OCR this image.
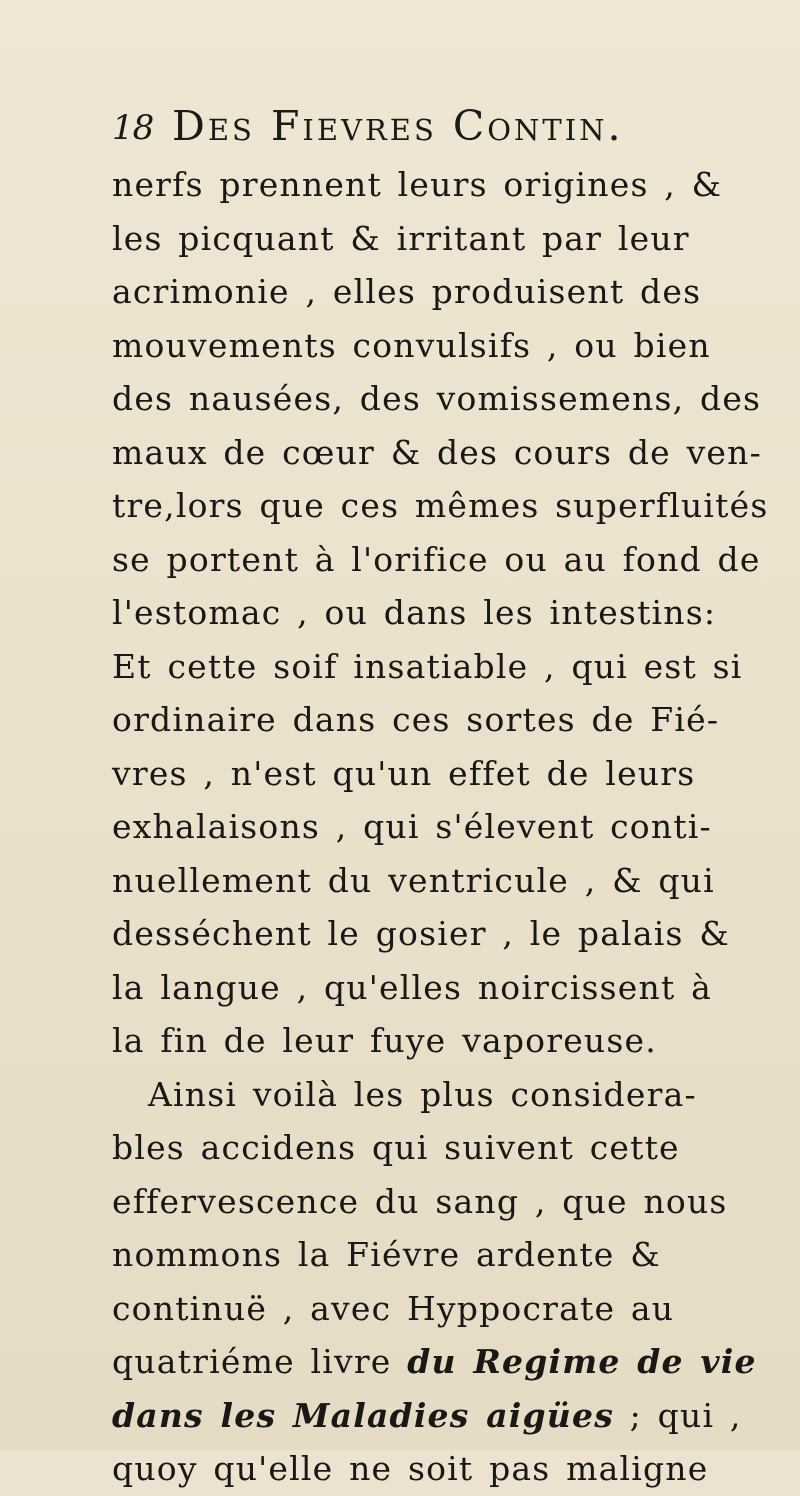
18 Des Fievres Contin.
nerfs prennent leurs origines , &
les picquant & irritant par leur
acrimonie , elles produisent des
mouvements convulsifs , ou bien
des nausées, des vomissemens, des
maux de cœur & des cours de ven-
tre,lors que ces mêmes superfluités
se portent à l'orifice ou au fond de
l'estomac , ou dans les intestins:
Et cette soif insatiable , qui est si
ordinaire dans ces sortes de Fié-
vres , n'est qu'un effet de leurs
exhalaisons , qui s'élevent conti-
nuellement du ventricule , & qui
desséchent le gosier , le palais &
la langue , qu'elles noircissent à
la fin de leur fuye vaporeuse.
Ainsi voilà les plus considera-
bles accidens qui suivent cette
effervescence du sang , que nous
nommons la Fiévre ardente &
continuë , avec Hyppocrate au
quatriéme livre du Regime de vie
dans les Maladies aigües ; qui ,
quoy qu'elle ne soit pas maligne
